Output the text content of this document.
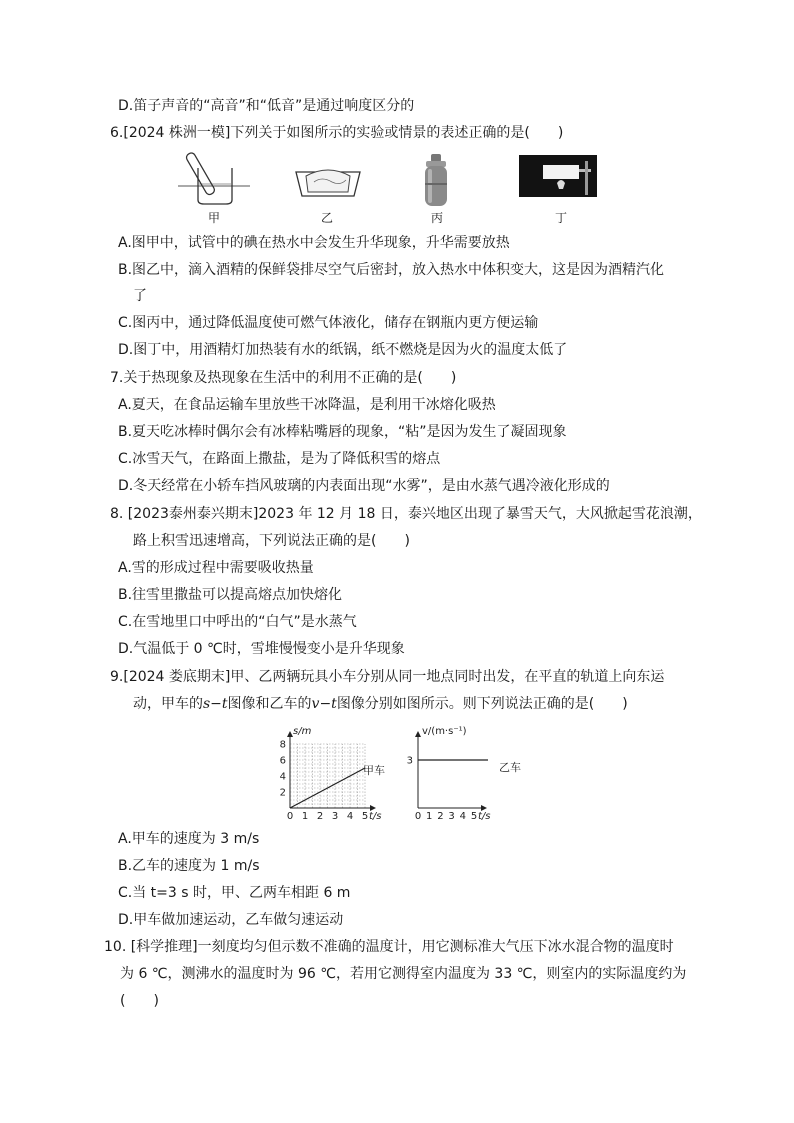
D.笛子声音的“高音”和“低音”是通过响度区分的
6.[2024 株洲一模]下列关于如图所示的实验或情景的表述正确的是(　　)
甲	乙	丙	丁
A.图甲中，试管中的碘在热水中会发生升华现象，升华需要放热
B.图乙中，滴入酒精的保鲜袋排尽空气后密封，放入热水中体积变大，这是因为酒精汽化
了
C.图丙中，通过降低温度使可燃气体液化，储存在钢瓶内更方便运输
D.图丁中，用酒精灯加热装有水的纸锅，纸不燃烧是因为火的温度太低了
7.关于热现象及热现象在生活中的利用不正确的是(　　)
A.夏天，在食品运输车里放些干冰降温，是利用干冰熔化吸热
B.夏天吃冰棒时偶尔会有冰棒粘嘴唇的现象，“粘”是因为发生了凝固现象
C.冰雪天气，在路面上撒盐，是为了降低积雪的熔点
D.冬天经常在小轿车挡风玻璃的内表面出现“水雾”，是由水蒸气遇冷液化形成的
8. [2023泰州泰兴期末]2023 年 12 月 18 日，泰兴地区出现了暴雪天气，大风掀起雪花浪潮，
路上积雪迅速增高，下列说法正确的是(　　)
A.雪的形成过程中需要吸收热量
B.往雪里撒盐可以提高熔点加快熔化
C.在雪地里口中呼出的“白气”是水蒸气
D.气温低于 0 ℃时，雪堆慢慢变小是升华现象
9.[2024 娄底期末]甲、乙两辆玩具小车分别从同一地点同时出发，在平直的轨道上向东运
动，甲车的s−t图像和乙车的v−t图像分别如图所示。则下列说法正确的是(　　)
s/m
t/s
甲车
0 1 2 3 4 5
2
4
6
8
v/(m·s⁻¹)
t/s
乙车
0 1 2 3 4 5
3
A.甲车的速度为 3 m/s
B.乙车的速度为 1 m/s
C.当 t=3 s 时，甲、乙两车相距 6 m
D.甲车做加速运动，乙车做匀速运动
10. [科学推理]一刻度均匀但示数不准确的温度计，用它测标准大气压下冰水混合物的温度时
为 6 ℃，测沸水的温度时为 96 ℃，若用它测得室内温度为 33 ℃，则室内的实际温度约为
(　　)
